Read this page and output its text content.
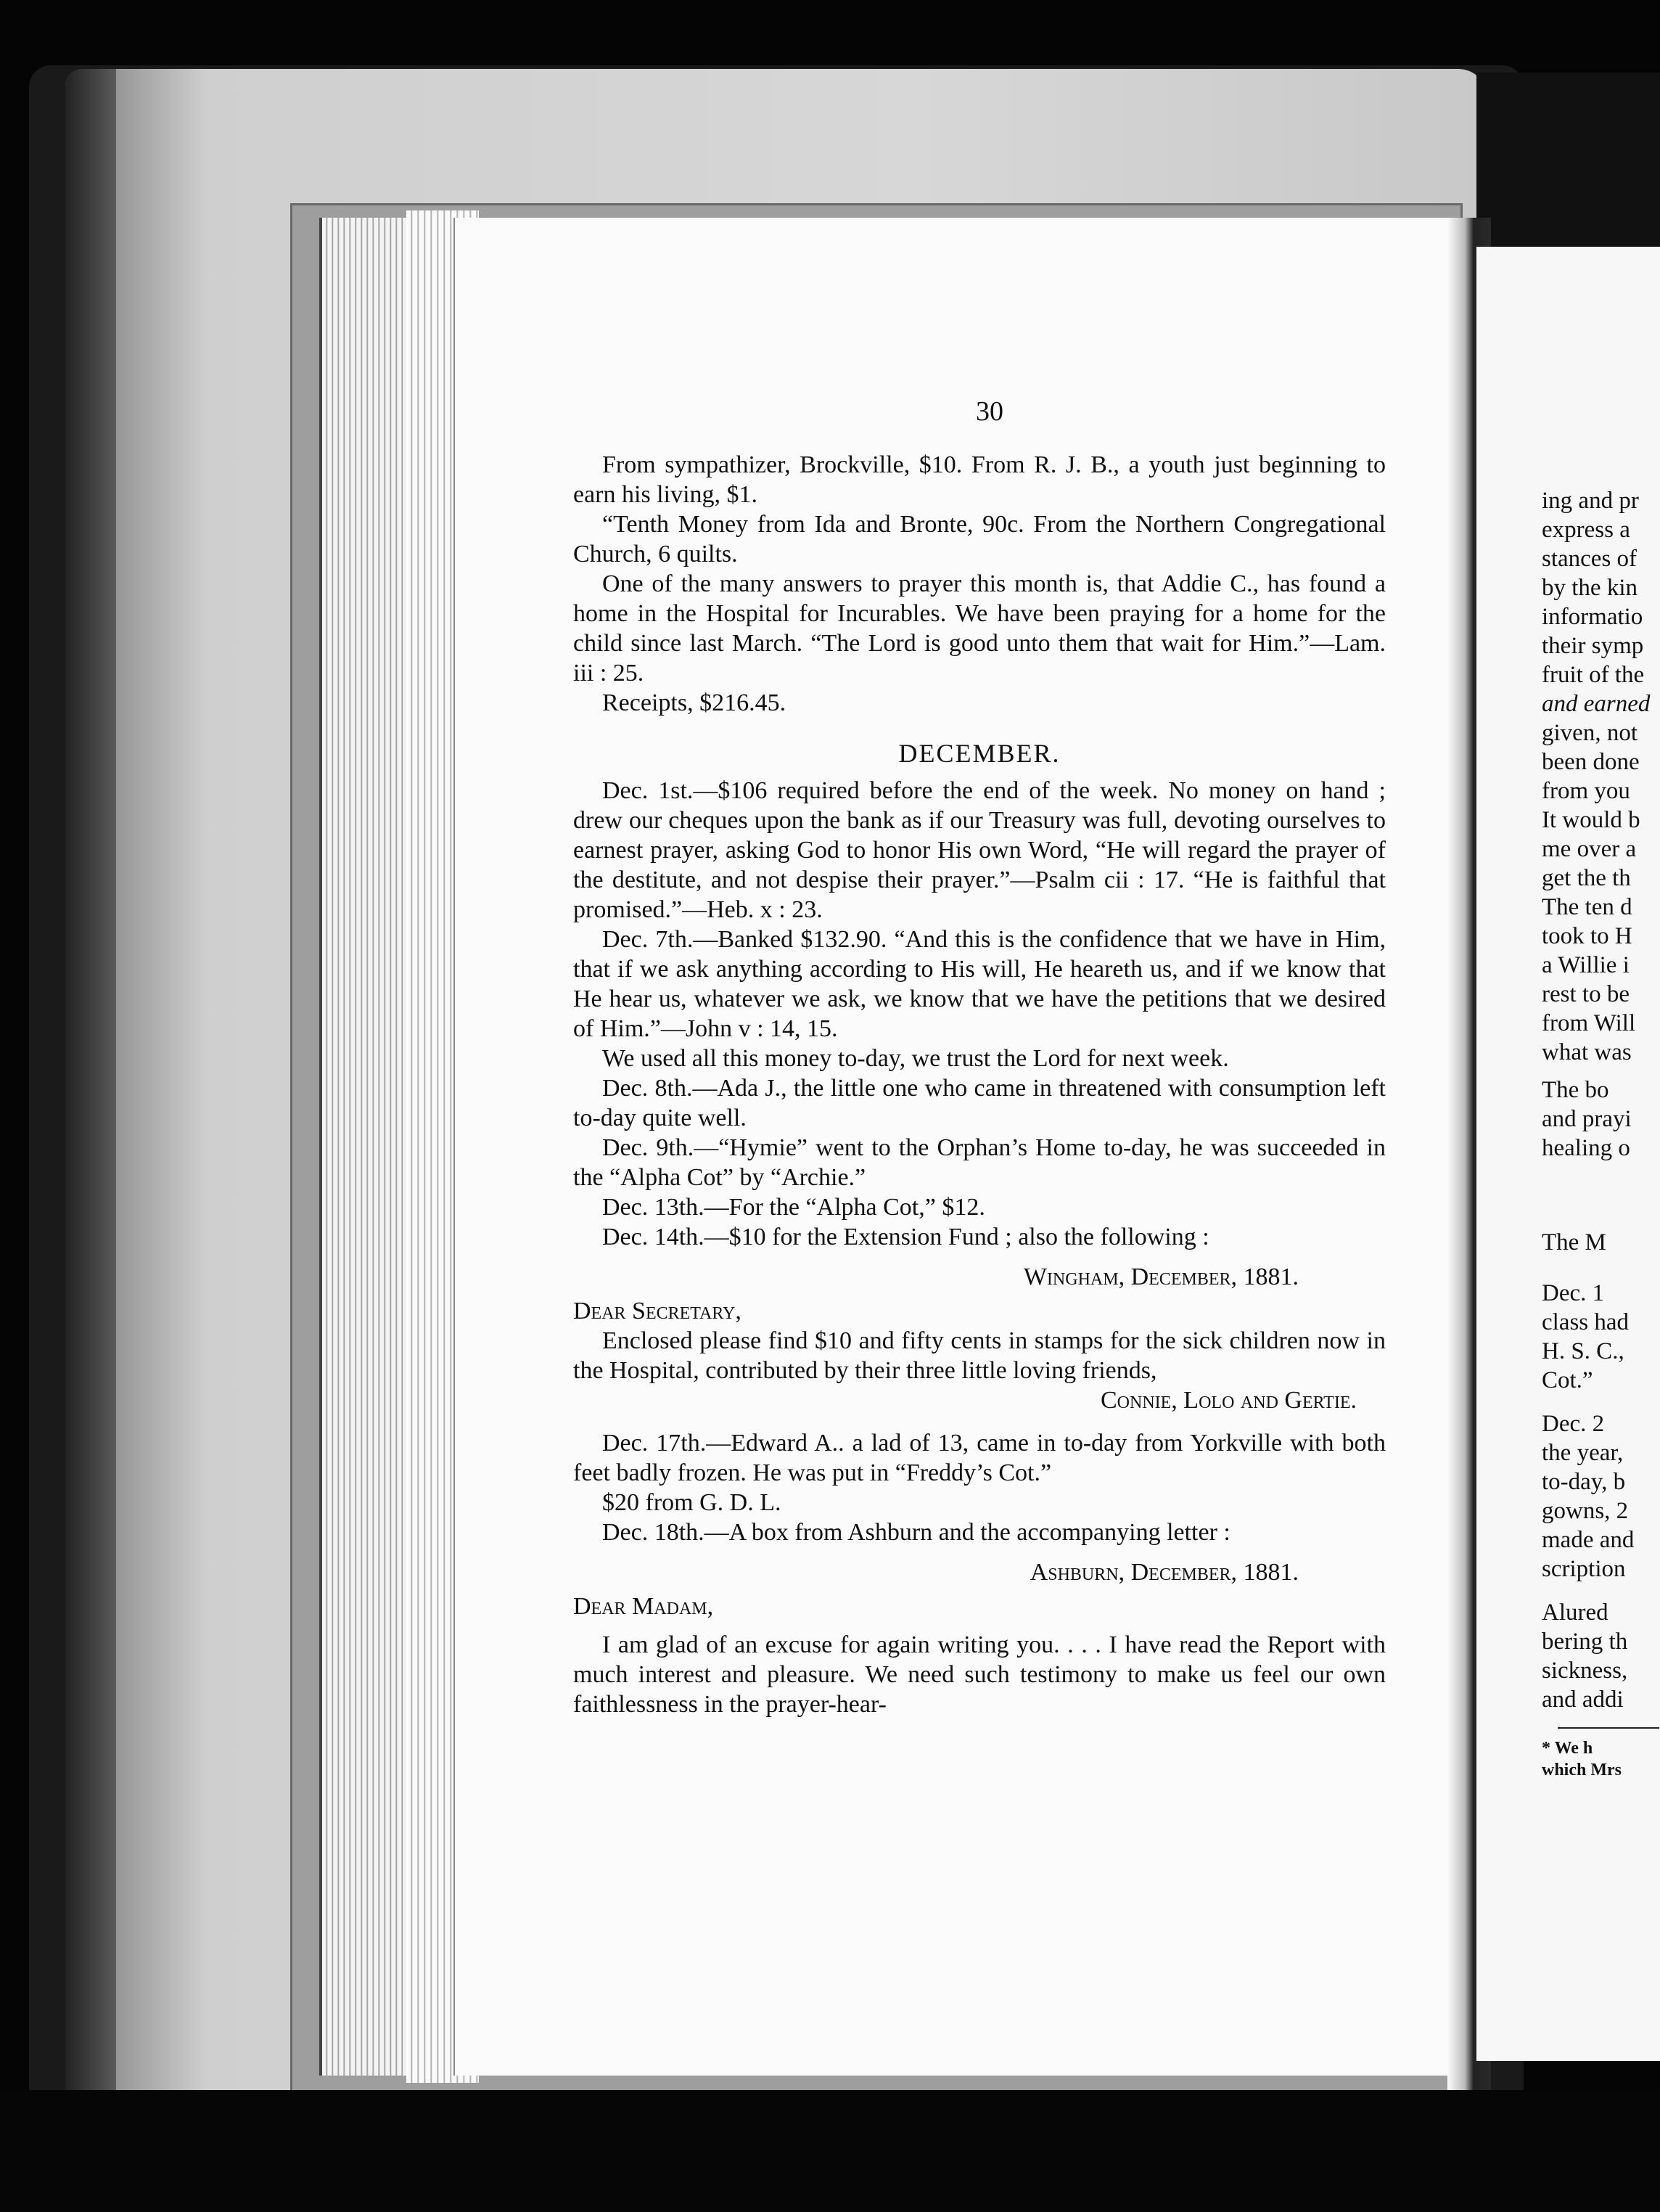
30

From sympathizer, Brockville, $10. From R. J. B., a youth just beginning to earn his living, $1.

“Tenth Money from Ida and Bronte, 90c. From the Northern Congregational Church, 6 quilts.

One of the many answers to prayer this month is, that Addie C., has found a home in the Hospital for Incurables. We have been praying for a home for the child since last March. “The Lord is good unto them that wait for Him.”—Lam. iii : 25.

Receipts, $216.45.

DECEMBER.

Dec. 1st.—$106 required before the end of the week. No money on hand ; drew our cheques upon the bank as if our Treasury was full, devoting ourselves to earnest prayer, asking God to honor His own Word, “He will regard the prayer of the destitute, and not despise their prayer.”—Psalm cii : 17. “He is faithful that promised.”—Heb. x : 23.

Dec. 7th.—Banked $132.90. “And this is the confidence that we have in Him, that if we ask anything according to His will, He heareth us, and if we know that He hear us, whatever we ask, we know that we have the petitions that we desired of Him.”—John v : 14, 15.

We used all this money to-day, we trust the Lord for next week.

Dec. 8th.—Ada J., the little one who came in threatened with consumption left to-day quite well.

Dec. 9th.—“Hymie” went to the Orphan’s Home to-day, he was succeeded in the “Alpha Cot” by “Archie.”

Dec. 13th.—For the “Alpha Cot,” $12.

Dec. 14th.—$10 for the Extension Fund ; also the following :

Wingham, December, 1881.

Dear Secretary,

Enclosed please find $10 and fifty cents in stamps for the sick children now in the Hospital, contributed by their three little loving friends,

Connie, Lolo and Gertie.

Dec. 17th.—Edward A.. a lad of 13, came in to-day from Yorkville with both feet badly frozen. He was put in “Freddy’s Cot.”

$20 from G. D. L.

Dec. 18th.—A box from Ashburn and the accompanying letter :

Ashburn, December, 1881.

Dear Madam,

I am glad of an excuse for again writing you. . . . I have read the Report with much interest and pleasure. We need such testimony to make us feel our own faithlessness in the prayer-hear-

ing and pr
express a
stances of
by the kin
informatio
their symp
fruit of the
and earned
given, not
been done
from you
It would b
me over a
get the th
The ten d
took to H
a Willie i
rest to be
from Will
what was
The bo
and prayi
healing o
The M
Dec. 1
class had
H. S. C.,
Cot.”
Dec. 2
the year,
to-day, b
gowns, 2
made and
scription
Alured
bering th
sickness,
and addi
* We h
which Mrs
